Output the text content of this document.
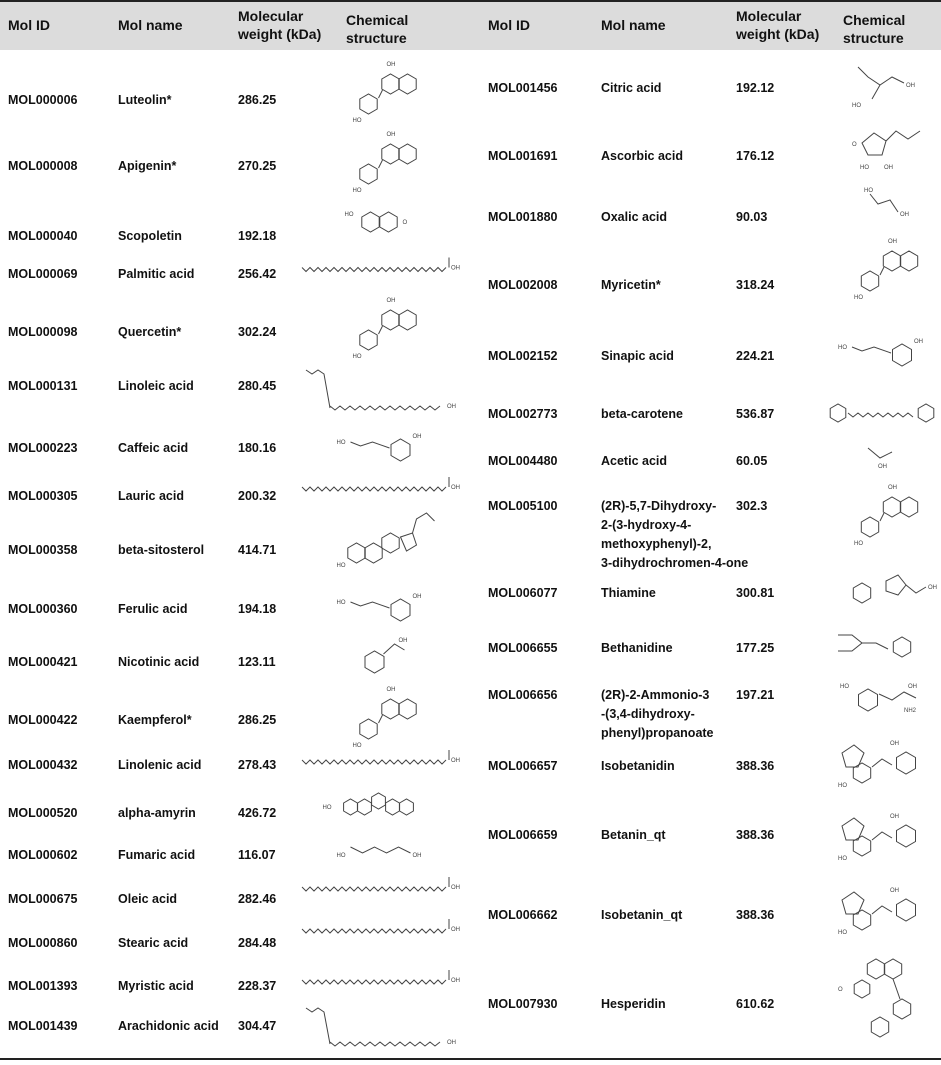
Mol ID	Mol name
Molecular
weight (kDa)
Chemical
structure
Mol ID	Mol name
Molecular
weight (kDa)
Chemical
structure
MOL000006	Luteolin*	286.25
OH
HO
MOL000008	Apigenin*	270.25
OH
HO
MOL000040	Scopoletin	192.18
O
HO
MOL000069	Palmitic acid	256.42	OH
MOL000098	Quercetin*	302.24
OH
HO
MOL000131	Linoleic acid	280.45
OH
MOL000223	Caffeic acid	180.16	HO
OH
MOL000305	Lauric acid	200.32
OH
MOL000358	beta-sitosterol	414.71
HO
MOL000360	Ferulic acid	194.18	HO
OH
MOL000421	Nicotinic acid	123.11
OH
MOL000422	Kaempferol*	286.25
OH
HO
MOL000432	Linolenic acid	278.43	OH
MOL000520	alpha-amyrin	426.72	HO
MOL000602	Fumaric acid	116.07	HO	OH
MOL000675	Oleic acid	282.46
OH
MOL000860	Stearic acid	284.48
OH
MOL001393	Myristic acid	228.37	OH
MOL001439	Arachidonic acid 304.47
OH
MOL001456	Citric acid	192.12
HO
OH
MOL001691	Ascorbic acid	176.12
O
HO	OH
MOL001880	Oxalic acid	90.03
HO
OH
MOL002008	Myricetin*	318.24
OH
HO
MOL002152	Sinapic acid	224.21
HO
OH
MOL002773	beta-carotene	536.87
MOL004480	Acetic acid	60.05	OH
MOL005100	(2R)-5,7-Dihydroxy-
2-(3-hydroxy-4-
methoxyphenyl)-2,
3-dihydrochromen-4-one
302.3
OH
HO
MOL006077	Thiamine	300.81	OH
MOL006655	Bethanidine	177.25
MOL006656	(2R)-2-Ammonio-3
-(3,4-dihydroxy-
phenyl)propanoate
197.21
HO	OH
NH2
MOL006657	Isobetanidin	388.36
OH
HO
MOL006659	Betanin_qt	388.36
OH
HO
MOL006662	Isobetanin_qt	388.36
OH
HO
MOL007930	Hesperidin	610.62
O
